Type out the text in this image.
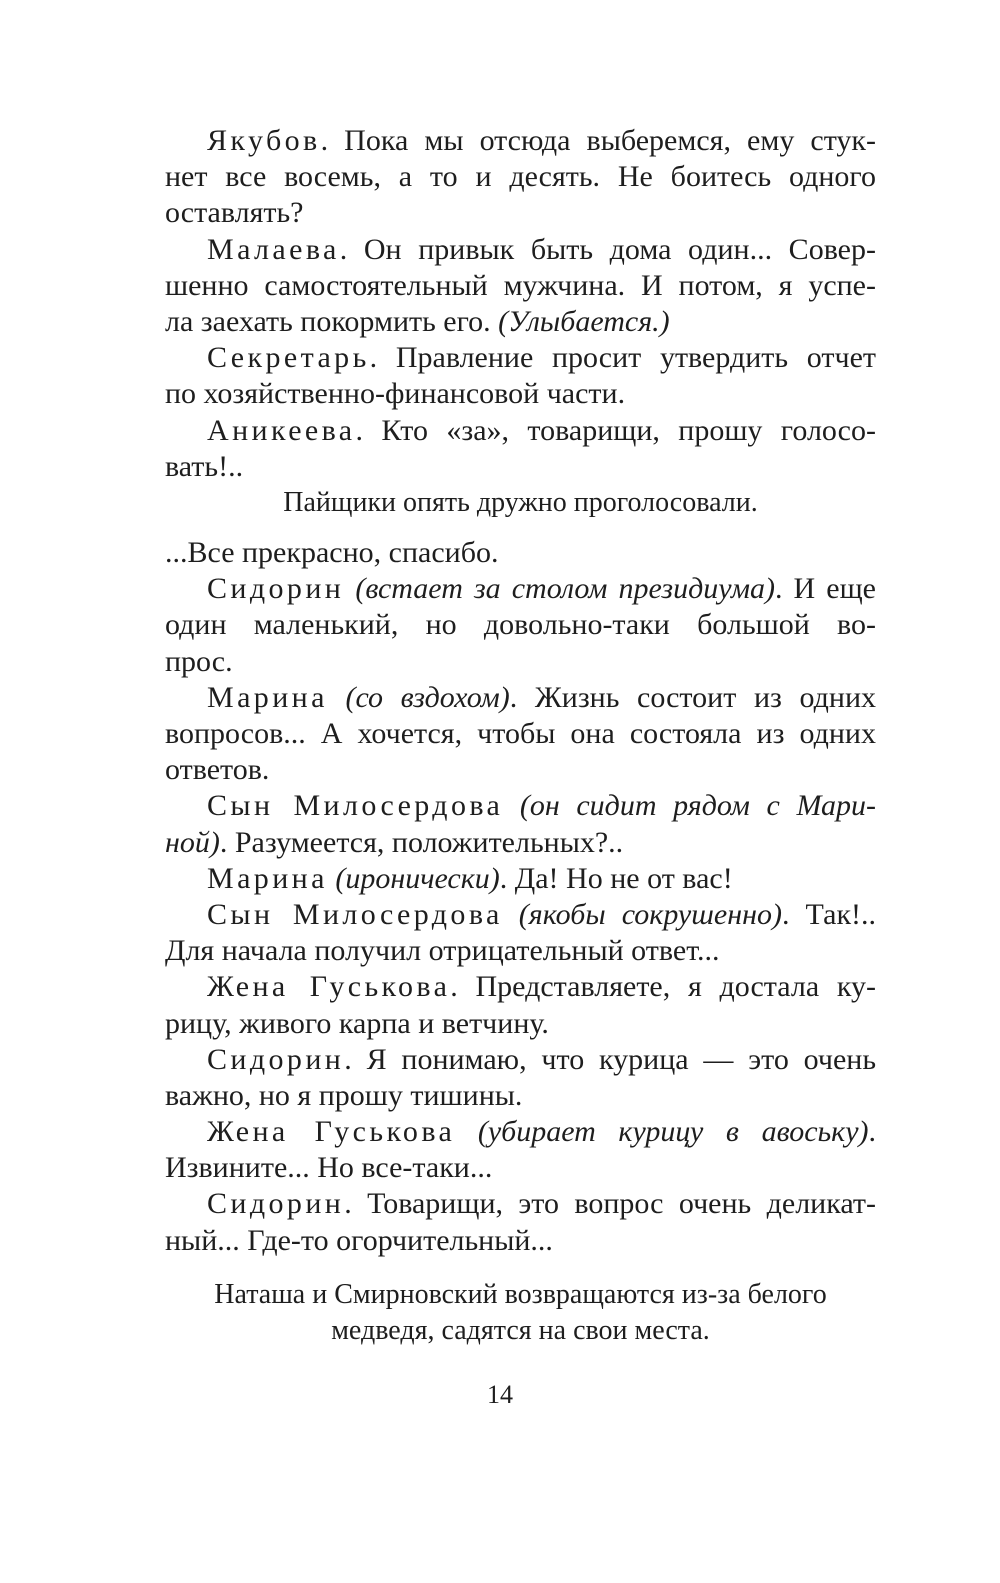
Якубов. Пока мы отсюда выберемся, ему стук-
нет все восемь, а то и десять. Не боитесь одного
оставлять?
Малаева. Он привык быть дома один... Совер-
шенно самостоятельный мужчина. И потом, я успе-
ла заехать покормить его. (Улыбается.)
Секретарь. Правление просит утвердить отчет
по хозяйственно-финансовой части.
Аникеева. Кто «за», товарищи, прошу голосо-
вать!..
Пайщики опять дружно проголосовали.
...Все прекрасно, спасибо.
Сидорин (встает за столом президиума). И еще
один маленький, но довольно-таки большой во-
прос.
Марина (со вздохом). Жизнь состоит из одних
вопросов... А хочется, чтобы она состояла из одних
ответов.
Сын Милосердова (он сидит рядом с Мари-
ной). Разумеется, положительных?..
Марина (иронически). Да! Но не от вас!
Сын Милосердова (якобы сокрушенно). Так!..
Для начала получил отрицательный ответ...
Жена Гуськова. Представляете, я достала ку-
рицу, живого карпа и ветчину.
Сидорин. Я понимаю, что курица — это очень
важно, но я прошу тишины.
Жена Гуськова (убирает курицу в авоську).
Извините... Но все-таки...
Сидорин. Товарищи, это вопрос очень деликат-
ный... Где-то огорчительный...
Наташа и Смирновский возвращаются из-за белого
медведя, садятся на свои места.
14
